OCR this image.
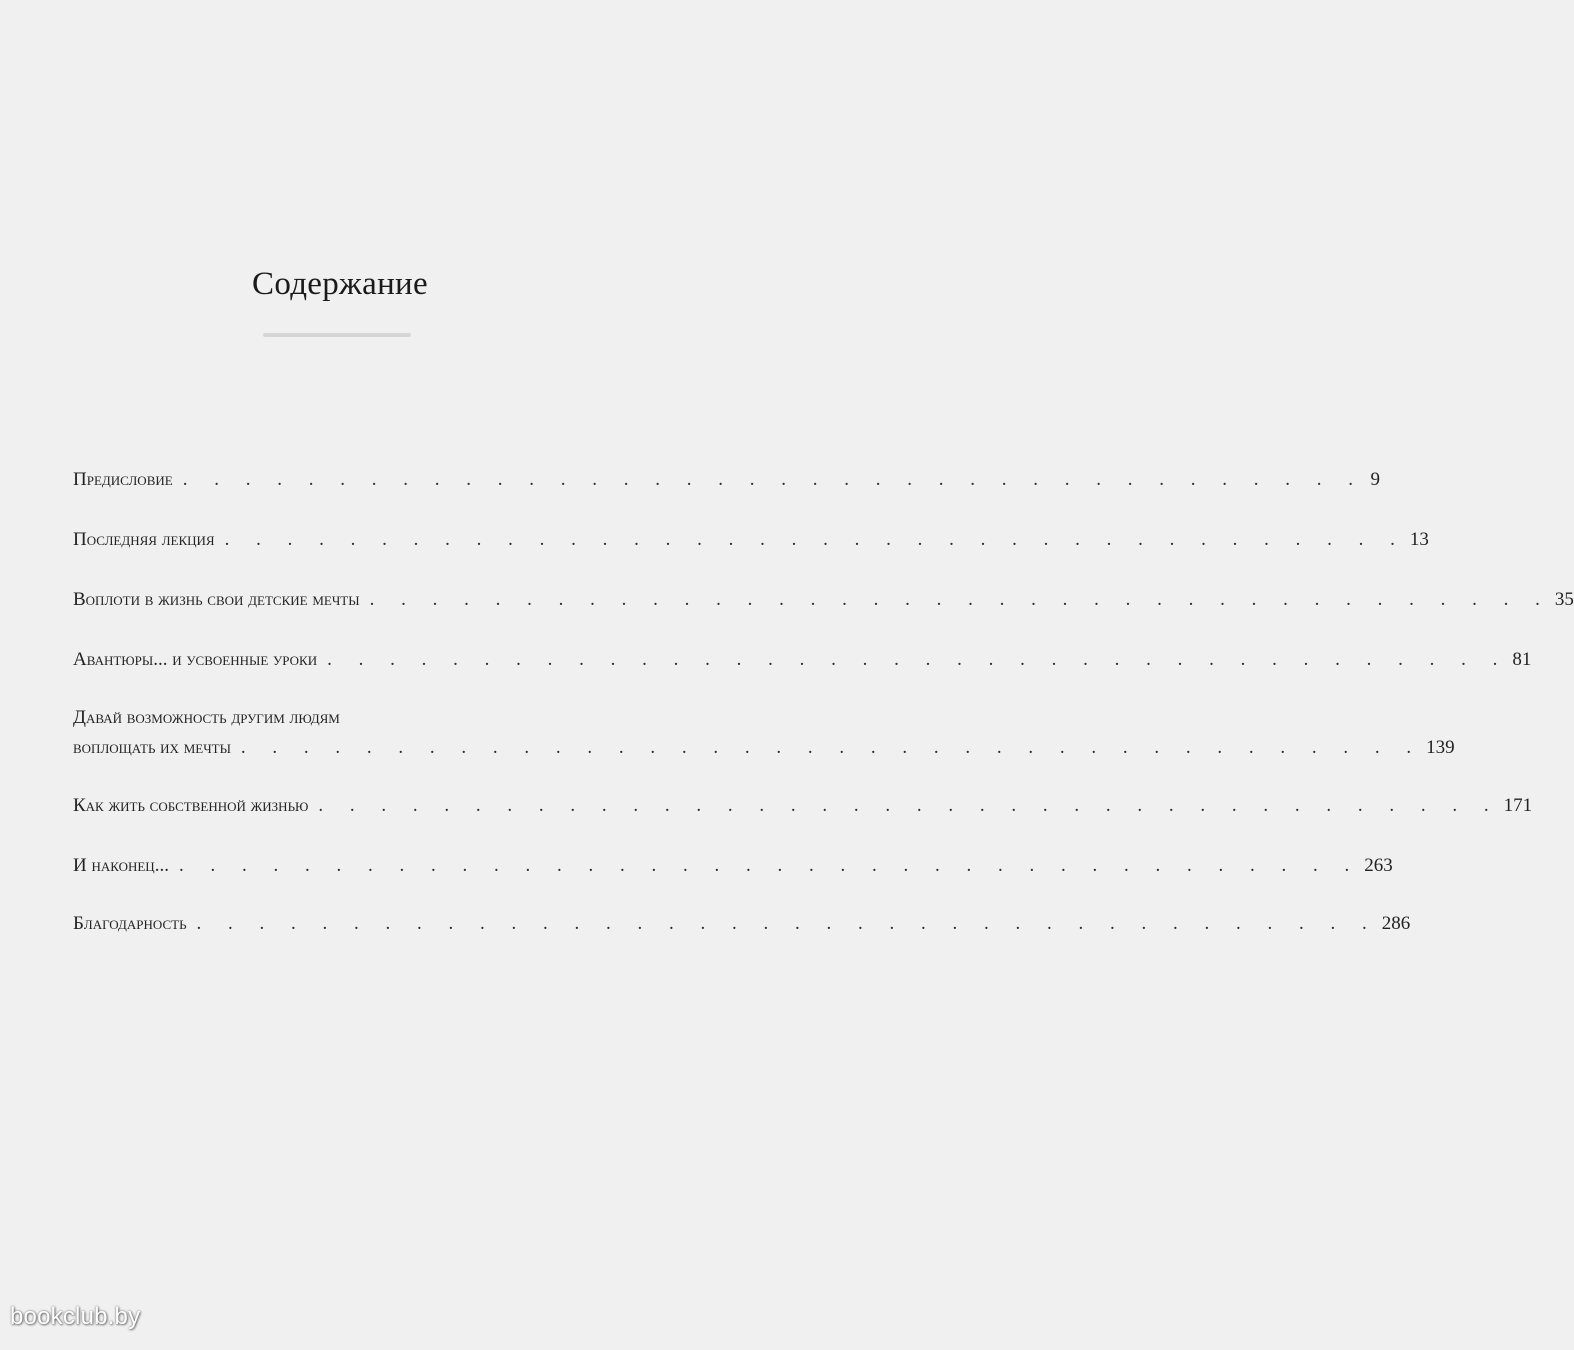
Содержание
Предисловие . . . . . . . . . . . . . . . . . . . . . . . . . . . . . . . . . . . . . . 9
Последняя лекция . . . . . . . . . . . . . . . . . . . . . . . . . . . . . . . . . . . . . . 13
Воплоти в жизнь свои детские мечты . . . . . . . . . . . . . . . . . . . . . . . . . . . . . . . . . . . . . . 35
Авантюры... и усвоенные уроки . . . . . . . . . . . . . . . . . . . . . . . . . . . . . . . . . . . . . . 81
Давай возможность другим людям
воплощать их мечты . . . . . . . . . . . . . . . . . . . . . . . . . . . . . . . . . . . . . . 139
Как жить собственной жизнью . . . . . . . . . . . . . . . . . . . . . . . . . . . . . . . . . . . . . . 171
И наконец... . . . . . . . . . . . . . . . . . . . . . . . . . . . . . . . . . . . . . . 263
Благодарность . . . . . . . . . . . . . . . . . . . . . . . . . . . . . . . . . . . . . . 286
bookclub.by
